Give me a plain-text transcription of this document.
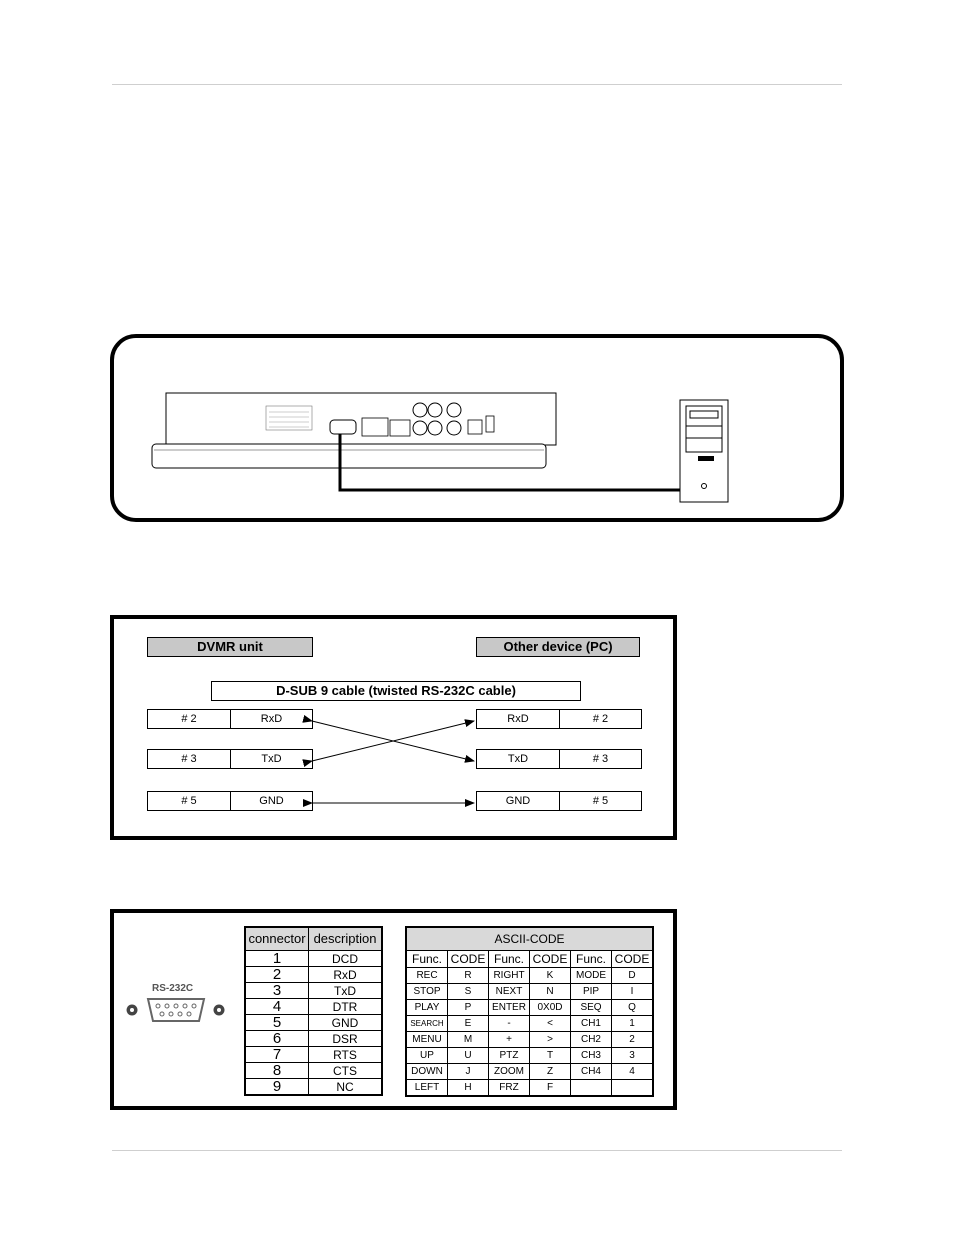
DVMR unit	Other device (PC)
D-SUB 9 cable (twisted RS-232C cable)
# 2	RxD
# 3	TxD
# 5	GND
RxD	# 2
TxD	# 3
GND	# 5
RS-232C
connector	description
1	DCD
2	RxD
3	TxD
4	DTR
5	GND
6	DSR
7	RTS
8	CTS
9	NC
ASCII-CODE					
Func.	CODE	Func.	CODE	Func.	CODE
REC	R	RIGHT	K	MODE	D
STOP	S	NEXT	N	PIP	I
PLAY	P	ENTER	0X0D	SEQ	Q
SEARCH	E	-	<	CH1	1
MENU	M	+	>	CH2	2
UP	U	PTZ	T	CH3	3
DOWN	J	ZOOM	Z	CH4	4
LEFT	H	FRZ	F		
